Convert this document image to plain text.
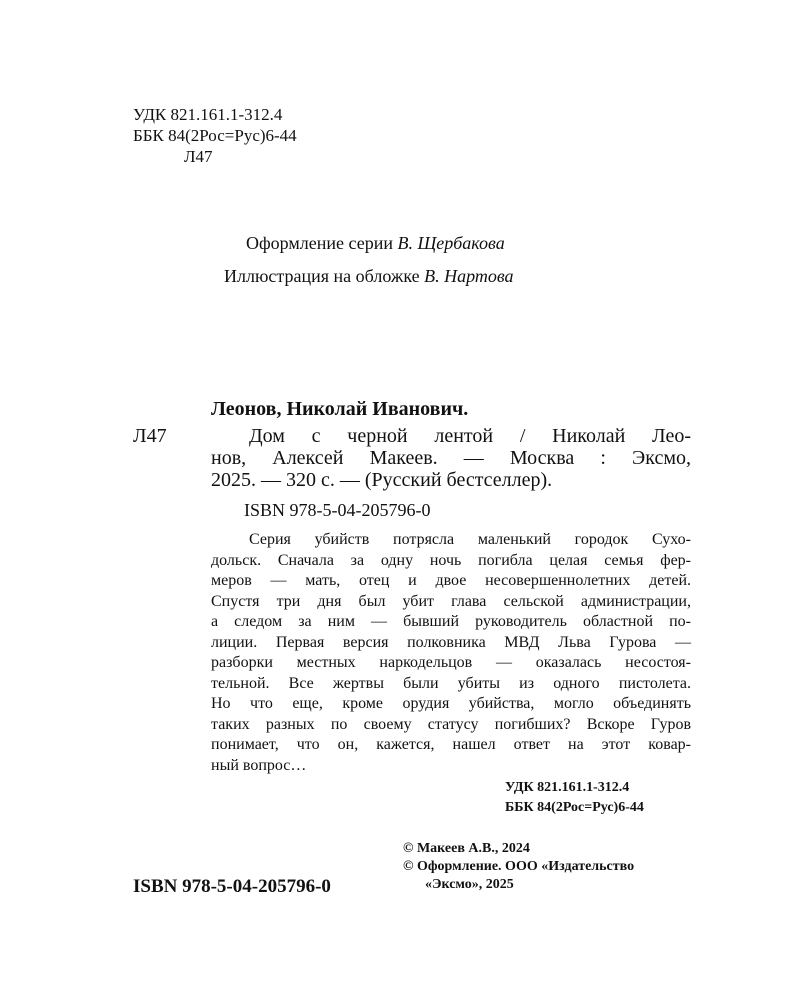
УДК 821.161.1-312.4
ББК 84(2Рос=Рус)6-44
Л47
Оформление серии В. Щербакова
Иллюстрация на обложке В. Нартова
Леонов, Николай Иванович.
Л47	Дом с черной лентой / Николай Лео-
нов, Алексей Макеев. — Москва : Эксмо,
2025. — 320 с. — (Русский бестселлер).
ISBN 978-5-04-205796-0
Серия убийств потрясла маленький городок Сухо-
дольск. Сначала за одну ночь погибла целая семья фер-
меров — мать, отец и двое несовершеннолетних детей.
Спустя три дня был убит глава сельской администрации,
а следом за ним — бывший руководитель областной по-
лиции. Первая версия полковника МВД Льва Гурова —
разборки местных наркодельцов — оказалась несостоя-
тельной. Все жертвы были убиты из одного пистолета.
Но что еще, кроме орудия убийства, могло объединять
таких разных по своему статусу погибших? Вскоре Гуров
понимает, что он, кажется, нашел ответ на этот ковар-
ный вопрос…
УДК 821.161.1-312.4
ББК 84(2Рос=Рус)6-44
© Макеев А.В., 2024
© Оформление. ООО «Издательство
«Эксмо», 2025
ISBN 978-5-04-205796-0
